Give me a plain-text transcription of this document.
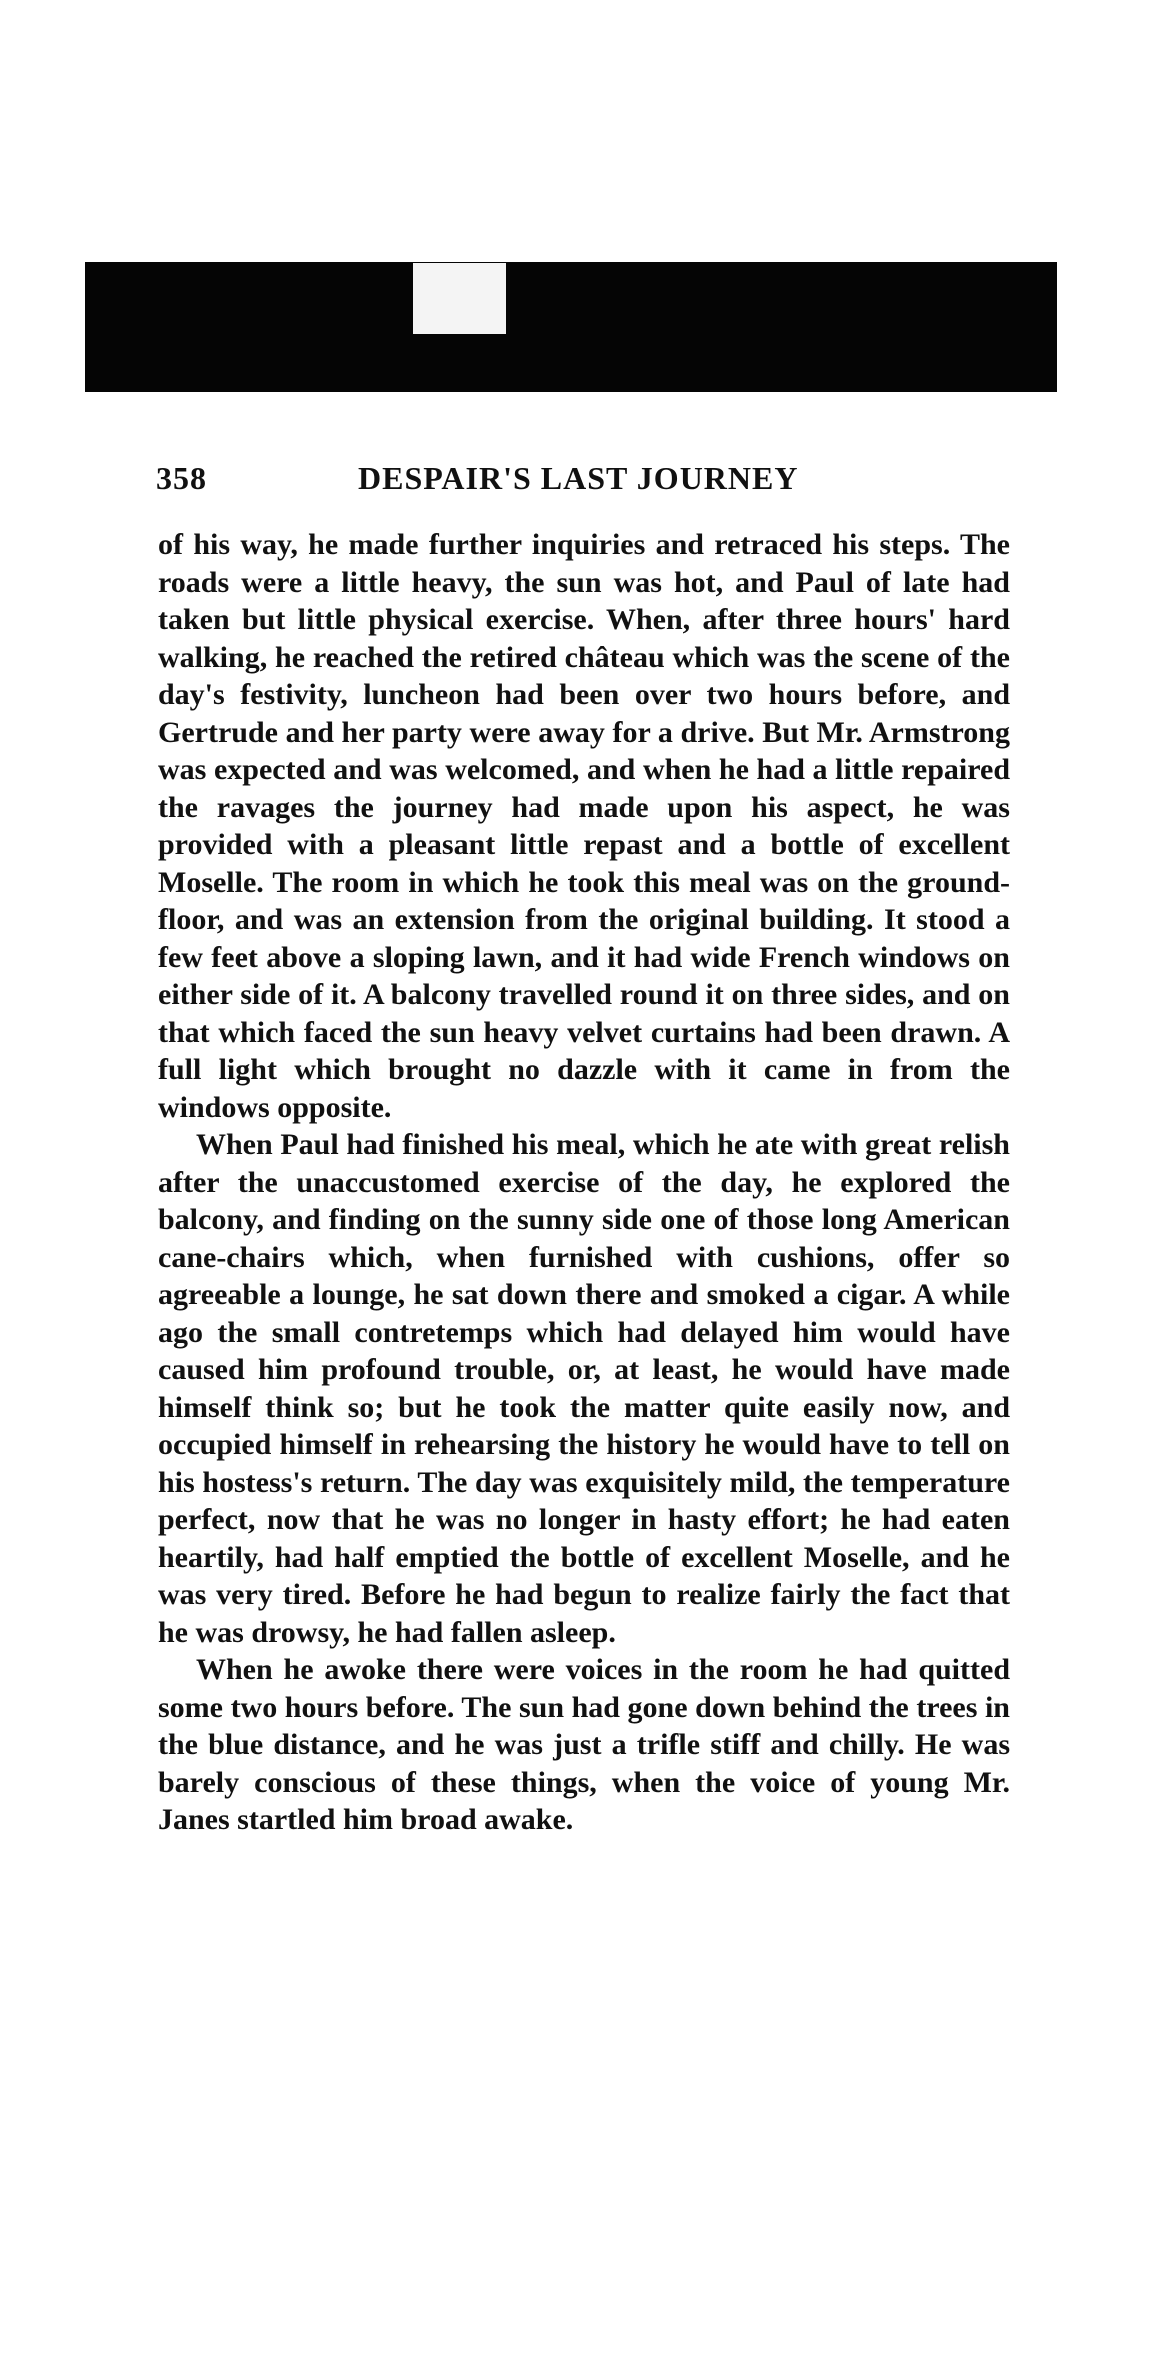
358	DESPAIR'S LAST JOURNEY

of his way, he made further inquiries and retraced his steps. The roads were a little heavy, the sun was hot, and Paul of late had taken but little physical exercise. When, after three hours' hard walking, he reached the retired château which was the scene of the day's festivity, luncheon had been over two hours before, and Gertrude and her party were away for a drive. But Mr. Armstrong was expected and was welcomed, and when he had a little repaired the ravages the journey had made upon his aspect, he was provided with a pleasant little repast and a bottle of excellent Moselle. The room in which he took this meal was on the ground-floor, and was an extension from the original building. It stood a few feet above a sloping lawn, and it had wide French windows on either side of it. A balcony travelled round it on three sides, and on that which faced the sun heavy velvet curtains had been drawn. A full light which brought no dazzle with it came in from the windows opposite.

When Paul had finished his meal, which he ate with great relish after the unaccustomed exercise of the day, he explored the balcony, and finding on the sunny side one of those long American cane-chairs which, when furnished with cushions, offer so agreeable a lounge, he sat down there and smoked a cigar. A while ago the small contretemps which had delayed him would have caused him profound trouble, or, at least, he would have made himself think so; but he took the matter quite easily now, and occupied himself in rehearsing the history he would have to tell on his hostess's return. The day was exquisitely mild, the temperature perfect, now that he was no longer in hasty effort; he had eaten heartily, had half emptied the bottle of excellent Moselle, and he was very tired. Before he had begun to realize fairly the fact that he was drowsy, he had fallen asleep.

When he awoke there were voices in the room he had quitted some two hours before. The sun had gone down behind the trees in the blue distance, and he was just a trifle stiff and chilly. He was barely conscious of these things, when the voice of young Mr. Janes startled him broad awake.
